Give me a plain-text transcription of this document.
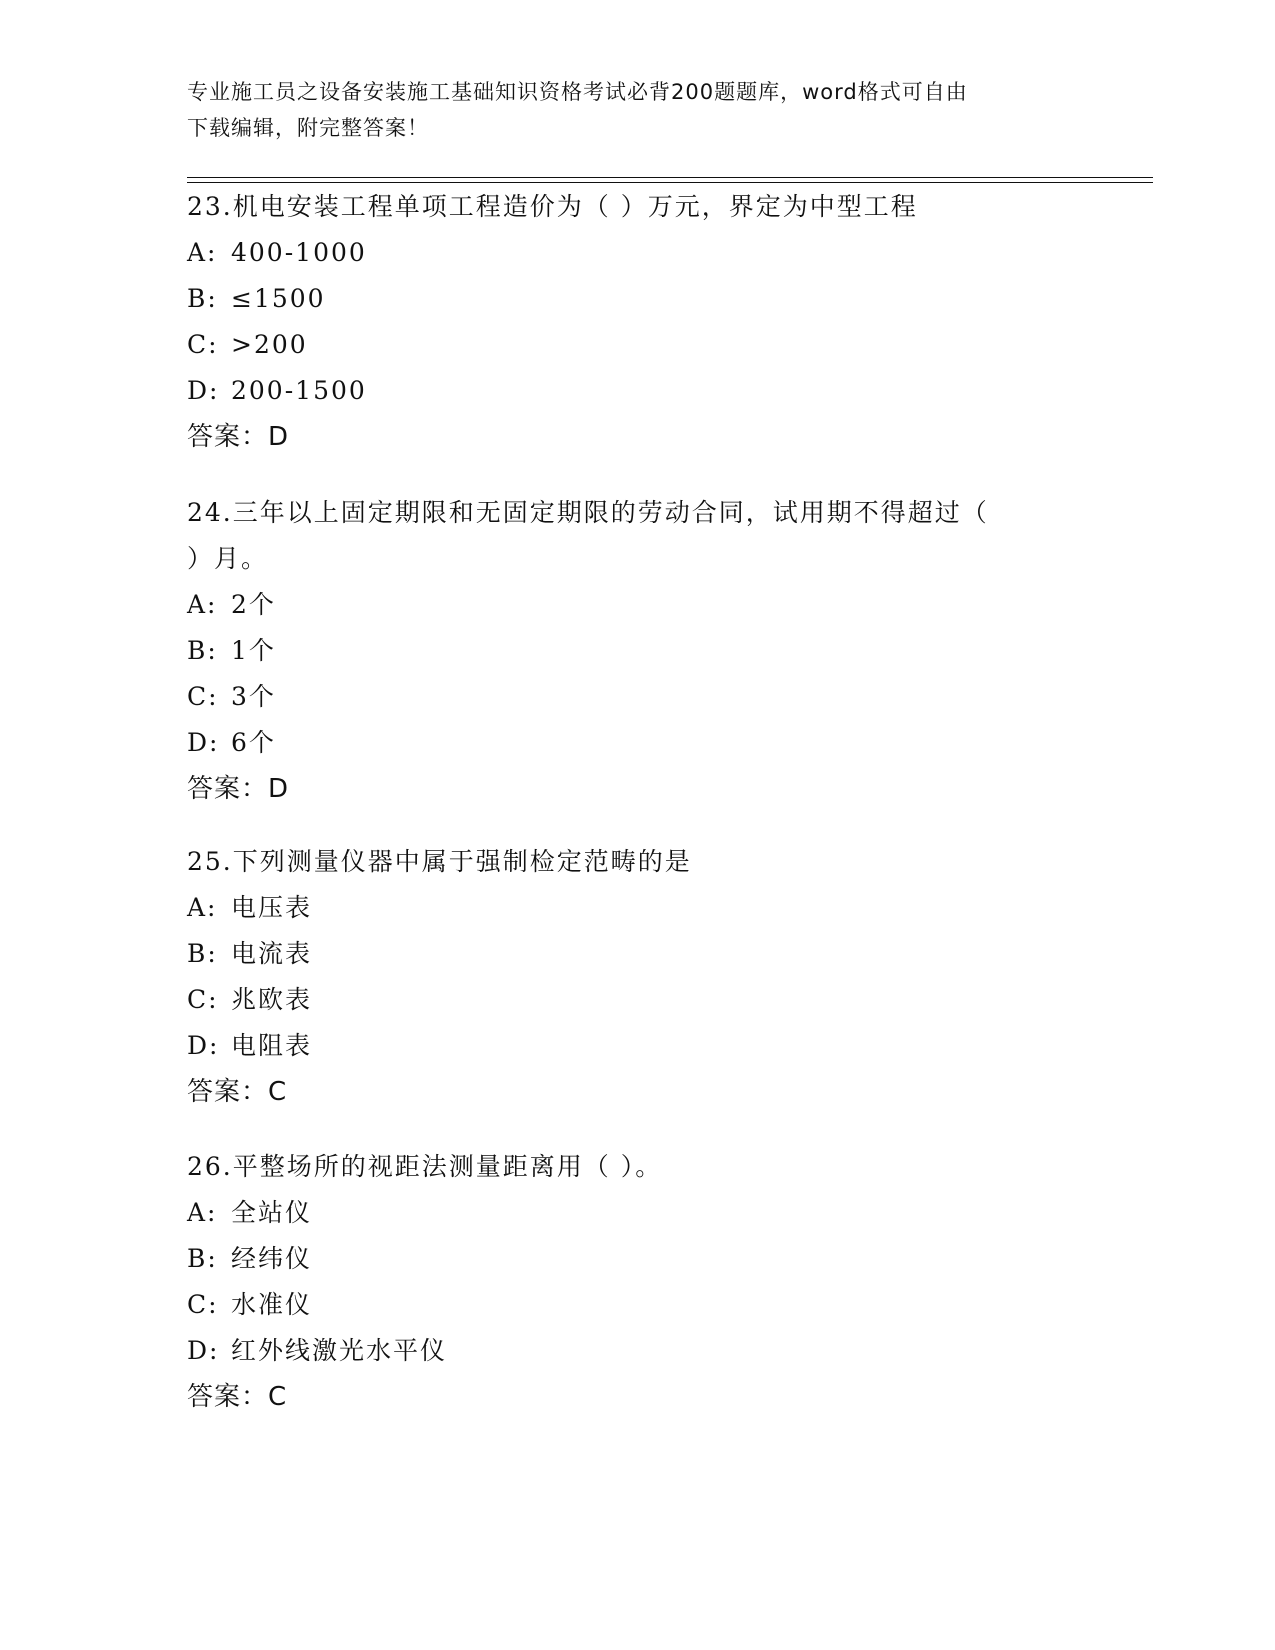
专业施工员之设备安装施工基础知识资格考试必背200题题库，word格式可自由
下载编辑，附完整答案！
23.机电安装工程单项工程造价为（ ）万元，界定为中型工程
A: 400-1000
B: ≤1500
C: >200
D: 200-1500
答案：D
24.三年以上固定期限和无固定期限的劳动合同，试用期不得超过（
）月。
A: 2个
B: 1个
C: 3个
D: 6个
答案：D
25.下列测量仪器中属于强制检定范畴的是
A: 电压表
B: 电流表
C: 兆欧表
D: 电阻表
答案：C
26.平整场所的视距法测量距离用（ ）。
A: 全站仪
B: 经纬仪
C: 水准仪
D: 红外线激光水平仪
答案：C
